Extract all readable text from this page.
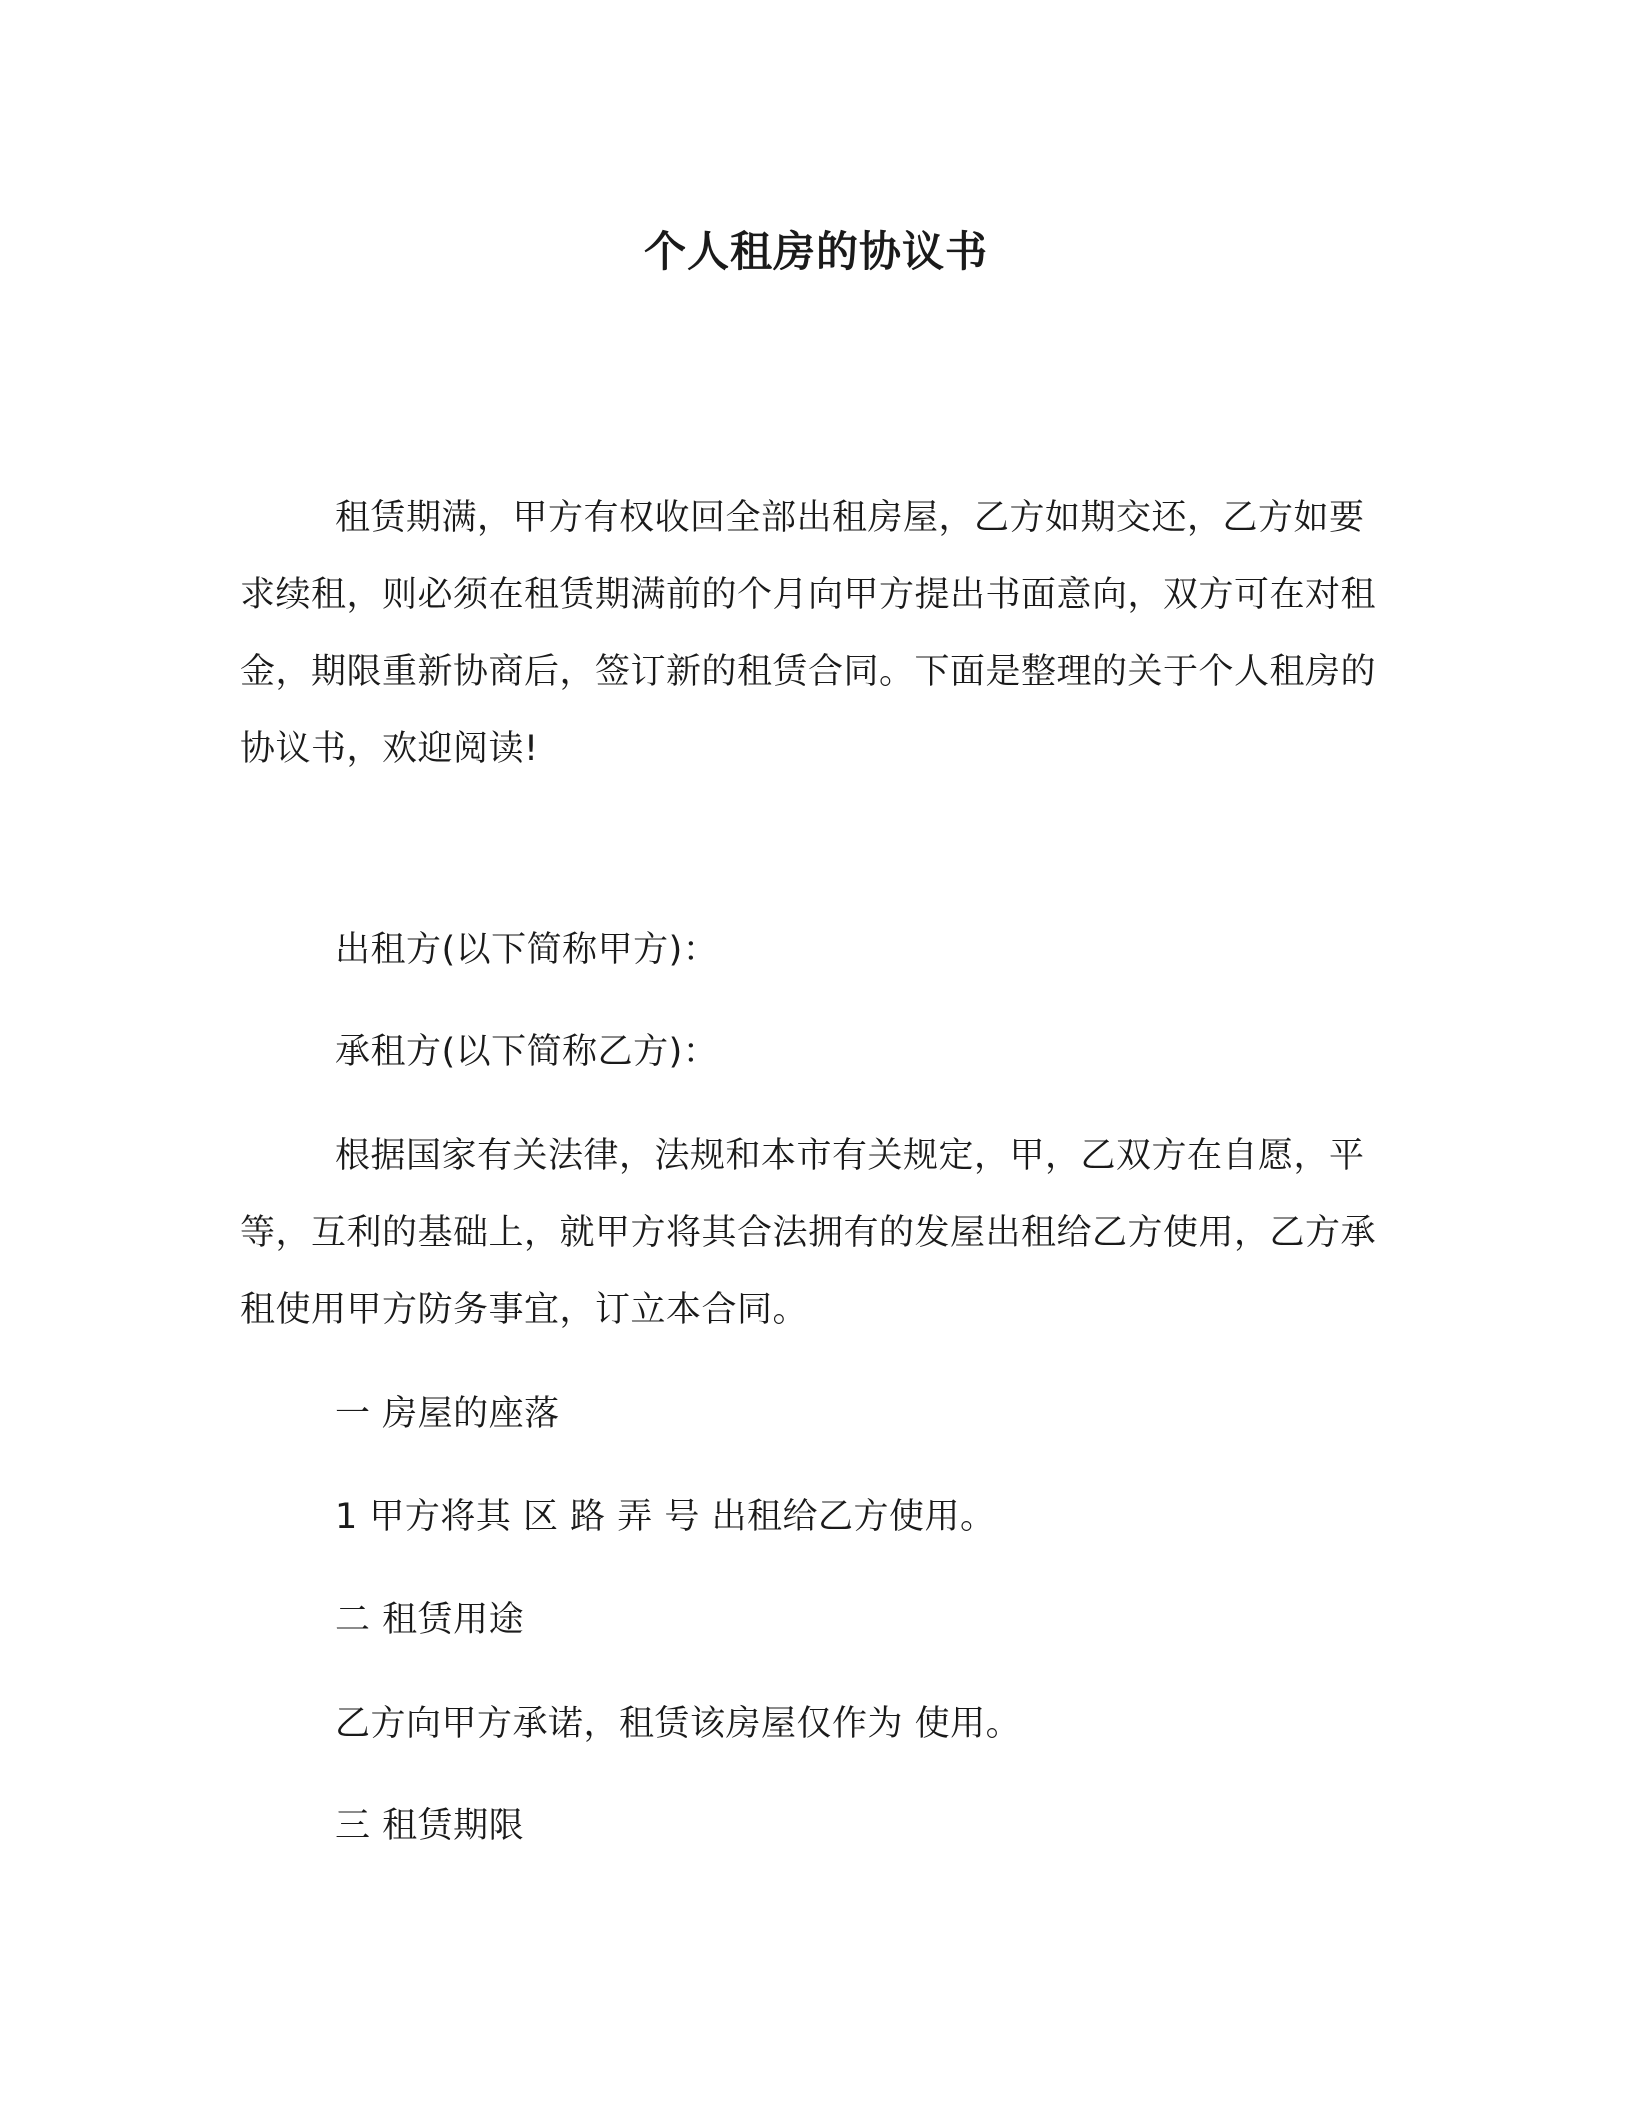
个人租房的协议书

租赁期满，甲方有权收回全部出租房屋，乙方如期交还，乙方如要求续租，则必须在租赁期满前的个月向甲方提出书面意向，双方可在对租金，期限重新协商后，签订新的租赁合同。下面是整理的关于个人租房的协议书，欢迎阅读!

出租方(以下简称甲方)：

承租方(以下简称乙方)：

根据国家有关法律，法规和本市有关规定，甲，乙双方在自愿，平等，互利的基础上，就甲方将其合法拥有的发屋出租给乙方使用，乙方承租使用甲方防务事宜，订立本合同。

一 房屋的座落

1 甲方将其 区 路 弄 号 出租给乙方使用。

二 租赁用途

乙方向甲方承诺，租赁该房屋仅作为 使用。

三 租赁期限
